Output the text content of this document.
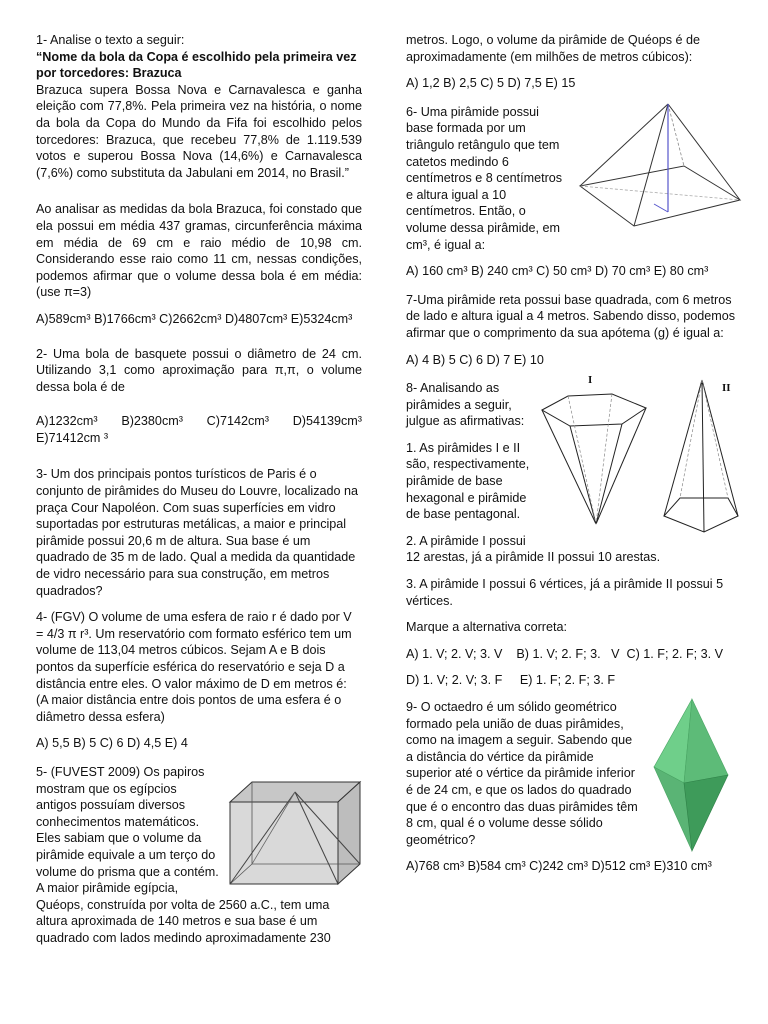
1- Analise o texto a seguir:
“Nome da bola da Copa é escolhido pela primeira vez por torcedores: Brazuca

Brazuca supera Bossa Nova e Carnavalesca e ganha eleição com 77,8%. Pela primeira vez na história, o nome da bola da Copa do Mundo da Fifa foi escolhido pelos torcedores: Brazuca, que recebeu 77,8% de 1.119.539 votos e superou Bossa Nova (14,6%) e Carnavalesca (7,6%) como substituta da Jabulani em 2014, no Brasil.”

Ao analisar as medidas da bola Brazuca, foi constado que ela possui em média 437 gramas, circunferência máxima em média de 69 cm e raio médio de 10,98 cm. Considerando esse raio como 11 cm, nessas condições, podemos afirmar que o volume dessa bola é em média: (use π=3)

A)589cm³ B)1766cm³ C)2662cm³ D)4807cm³ E)5324cm³

2- Uma bola de basquete possui o diâmetro de 24 cm. Utilizando 3,1 como aproximação para π,π, o volume dessa bola é de

A)1232cm³ B)2380cm³ C)7142cm³ D)54139cm³

E)71412cm ³

3- Um dos principais pontos turísticos de Paris é o conjunto de pirâmides do Museu do Louvre, localizado na praça Cour Napoléon. Com suas superfícies em vidro suportadas por estruturas metálicas, a maior e principal pirâmide possui 20,6 m de altura. Sua base é um quadrado de 35 m de lado. Qual a medida da quantidade de vidro necessário para sua construção, em metros quadrados?

4- (FGV) O volume de uma esfera de raio r é dado por V = 4/3 π r³. Um reservatório com formato esférico tem um volume de 113,04 metros cúbicos. Sejam A e B dois pontos da superfície esférica do reservatório e seja D a distância entre eles. O valor máximo de D em metros é: (A maior distância entre dois pontos de uma esfera é o diâmetro dessa esfera)

A) 5,5 B) 5 C) 6 D) 4,5 E) 4

5- (FUVEST 2009) Os papiros mostram que os egípcios antigos possuíam diversos conhecimentos matemáticos. Eles sabiam que o volume da pirâmide equivale a um terço do volume do prisma que a contém. A maior pirâmide egípcia, Quéops, construída por volta de 2560 a.C., tem uma altura aproximada de 140 metros e sua base é um quadrado com lados medindo aproximadamente 230

metros. Logo, o volume da pirâmide de Quéops é de aproximadamente (em milhões de metros cúbicos):

A) 1,2 B) 2,5 C) 5 D) 7,5 E) 15

6- Uma pirâmide possui base formada por um triângulo retângulo que tem catetos medindo 6 centímetros e 8 centímetros e altura igual a 10 centímetros. Então, o volume dessa pirâmide, em cm³, é igual a:

A) 160 cm³ B) 240 cm³ C) 50 cm³ D) 70 cm³ E) 80 cm³

7-Uma pirâmide reta possui base quadrada, com 6 metros de lado e altura igual a 4 metros. Sabendo disso, podemos afirmar que o comprimento da sua apótema (g) é igual a:

A) 4 B) 5 C) 6 D) 7 E) 10

I
II

8- Analisando as pirâmides a seguir, julgue as afirmativas:

1. As pirâmides I e II são, respectivamente, pirâmide de base hexagonal e pirâmide de base pentagonal.

2. A pirâmide I possui 12 arestas, já a pirâmide II possui 10 arestas.

3. A pirâmide I possui 6 vértices, já a pirâmide II possui 5 vértices.

Marque a alternativa correta:

A) 1. V; 2. V; 3. V    B) 1. V; 2. F; 3.   V  C) 1. F; 2. F; 3. V

D) 1. V; 2. V; 3. F     E) 1. F; 2. F; 3. F

9- O octaedro é um sólido geométrico formado pela união de duas pirâmides, como na imagem a seguir. Sabendo que a distância do vértice da pirâmide superior até o vértice da pirâmide inferior é de 24 cm, e que os lados do quadrado que é o encontro das duas pirâmides têm 8 cm, qual é o volume desse sólido geométrico?

A)768 cm³ B)584 cm³ C)242 cm³ D)512 cm³ E)310 cm³
